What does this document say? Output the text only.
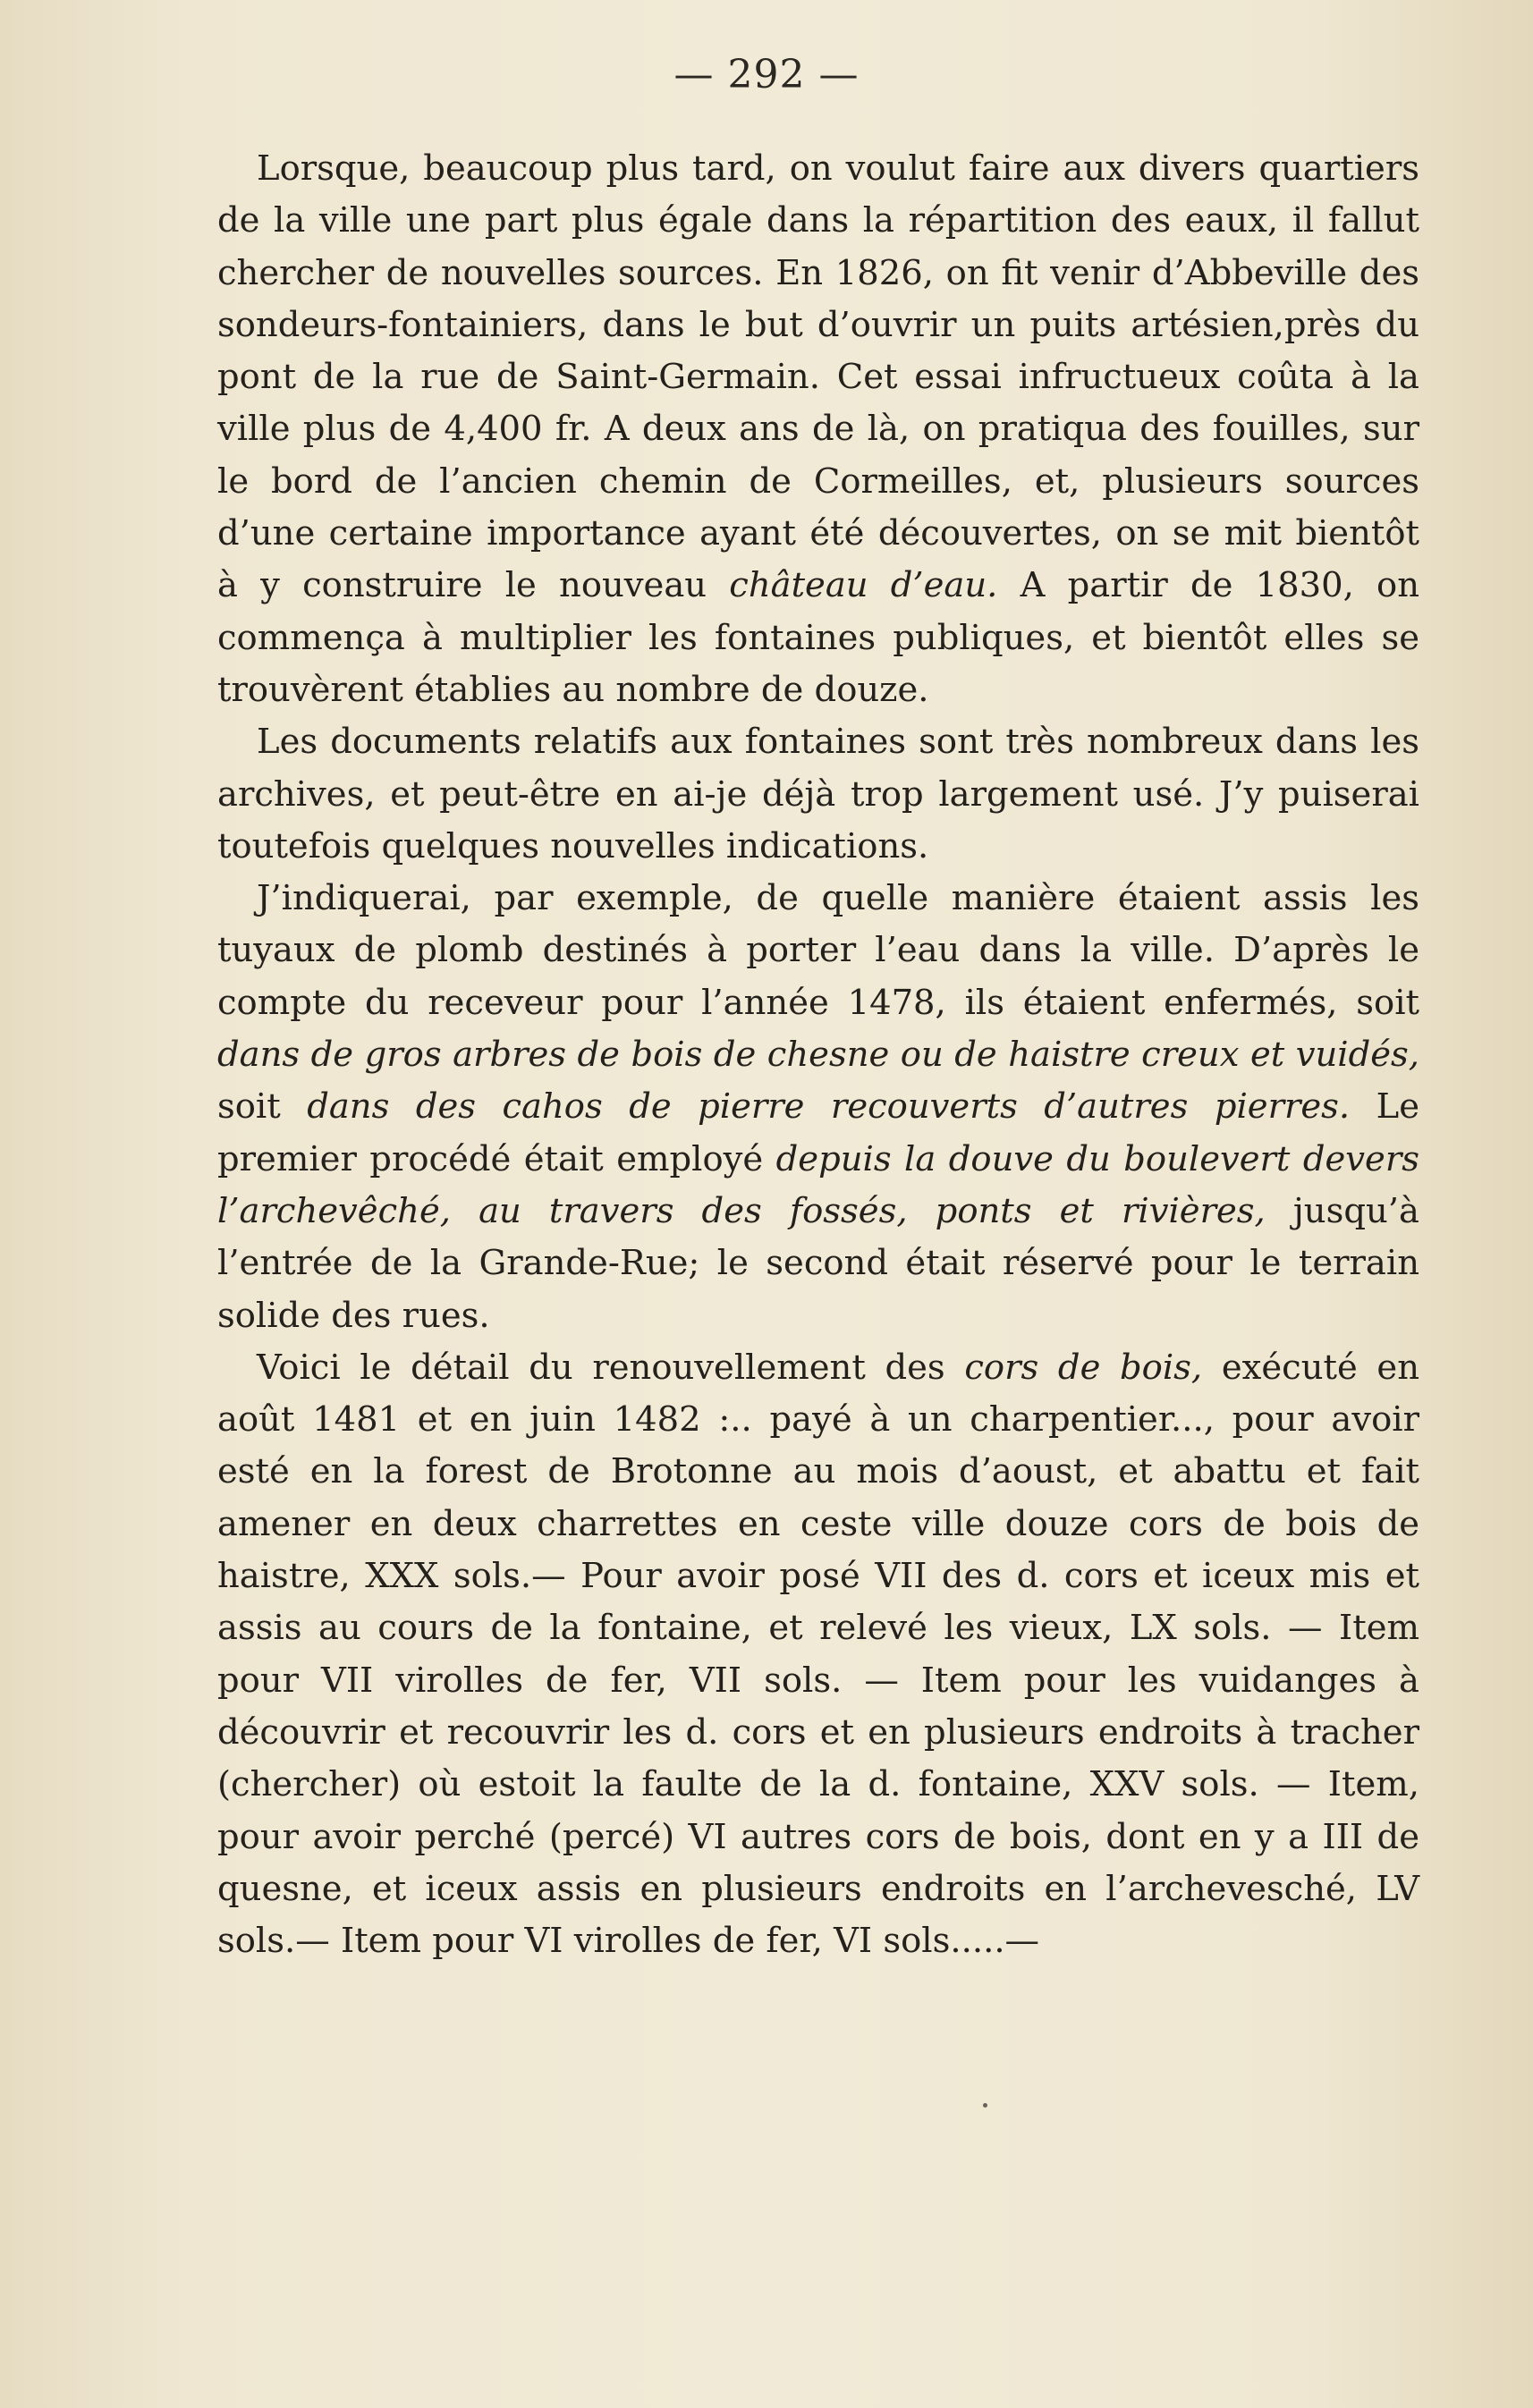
— 292 —

Lorsque, beaucoup plus tard, on voulut faire aux divers quartiers de la ville une part plus égale dans la répartition des eaux, il fallut chercher de nouvelles sources. En 1826, on fit venir d’Abbeville des sondeurs-fontainiers, dans le but d’ouvrir un puits artésien,près du pont de la rue de Saint-Germain. Cet essai infructueux coûta à la ville plus de 4,400 fr. A deux ans de là, on pratiqua des fouilles, sur le bord de l’ancien chemin de Cormeilles, et, plusieurs sources d’une certaine importance ayant été découvertes, on se mit bientôt à y construire le nouveau château d’eau. A partir de 1830, on commença à multiplier les fontaines publiques, et bientôt elles se trouvèrent établies au nombre de douze.

Les documents relatifs aux fontaines sont très nombreux dans les archives, et peut-être en ai-je déjà trop largement usé. J’y puiserai toutefois quelques nouvelles indications.

J’indiquerai, par exemple, de quelle manière étaient assis les tuyaux de plomb destinés à porter l’eau dans la ville. D’après le compte du receveur pour l’année 1478, ils étaient enfermés, soit dans de gros arbres de bois de chesne ou de haistre creux et vuidés, soit dans des cahos de pierre recouverts d’autres pierres. Le premier procédé était employé depuis la douve du boulevert devers l’archevêché, au travers des fossés, ponts et rivières, jusqu’à l’entrée de la Grande-Rue; le second était réservé pour le terrain solide des rues.

Voici le détail du renouvellement des cors de bois, exécuté en août 1481 et en juin 1482 :.. payé à un charpentier..., pour avoir esté en la forest de Brotonne au mois d’aoust, et abattu et fait amener en deux charrettes en ceste ville douze cors de bois de haistre, XXX sols.— Pour avoir posé VII des d. cors et iceux mis et assis au cours de la fontaine, et relevé les vieux, LX sols. — Item pour VII virolles de fer, VII sols. — Item pour les vuidanges à découvrir et recouvrir les d. cors et en plusieurs endroits à tracher (chercher) où estoit la faulte de la d. fontaine, XXV sols. — Item, pour avoir perché (percé) VI autres cors de bois, dont en y a III de quesne, et iceux assis en plusieurs endroits en l’archevesché, LV sols.— Item pour VI virolles de fer, VI sols.....—
